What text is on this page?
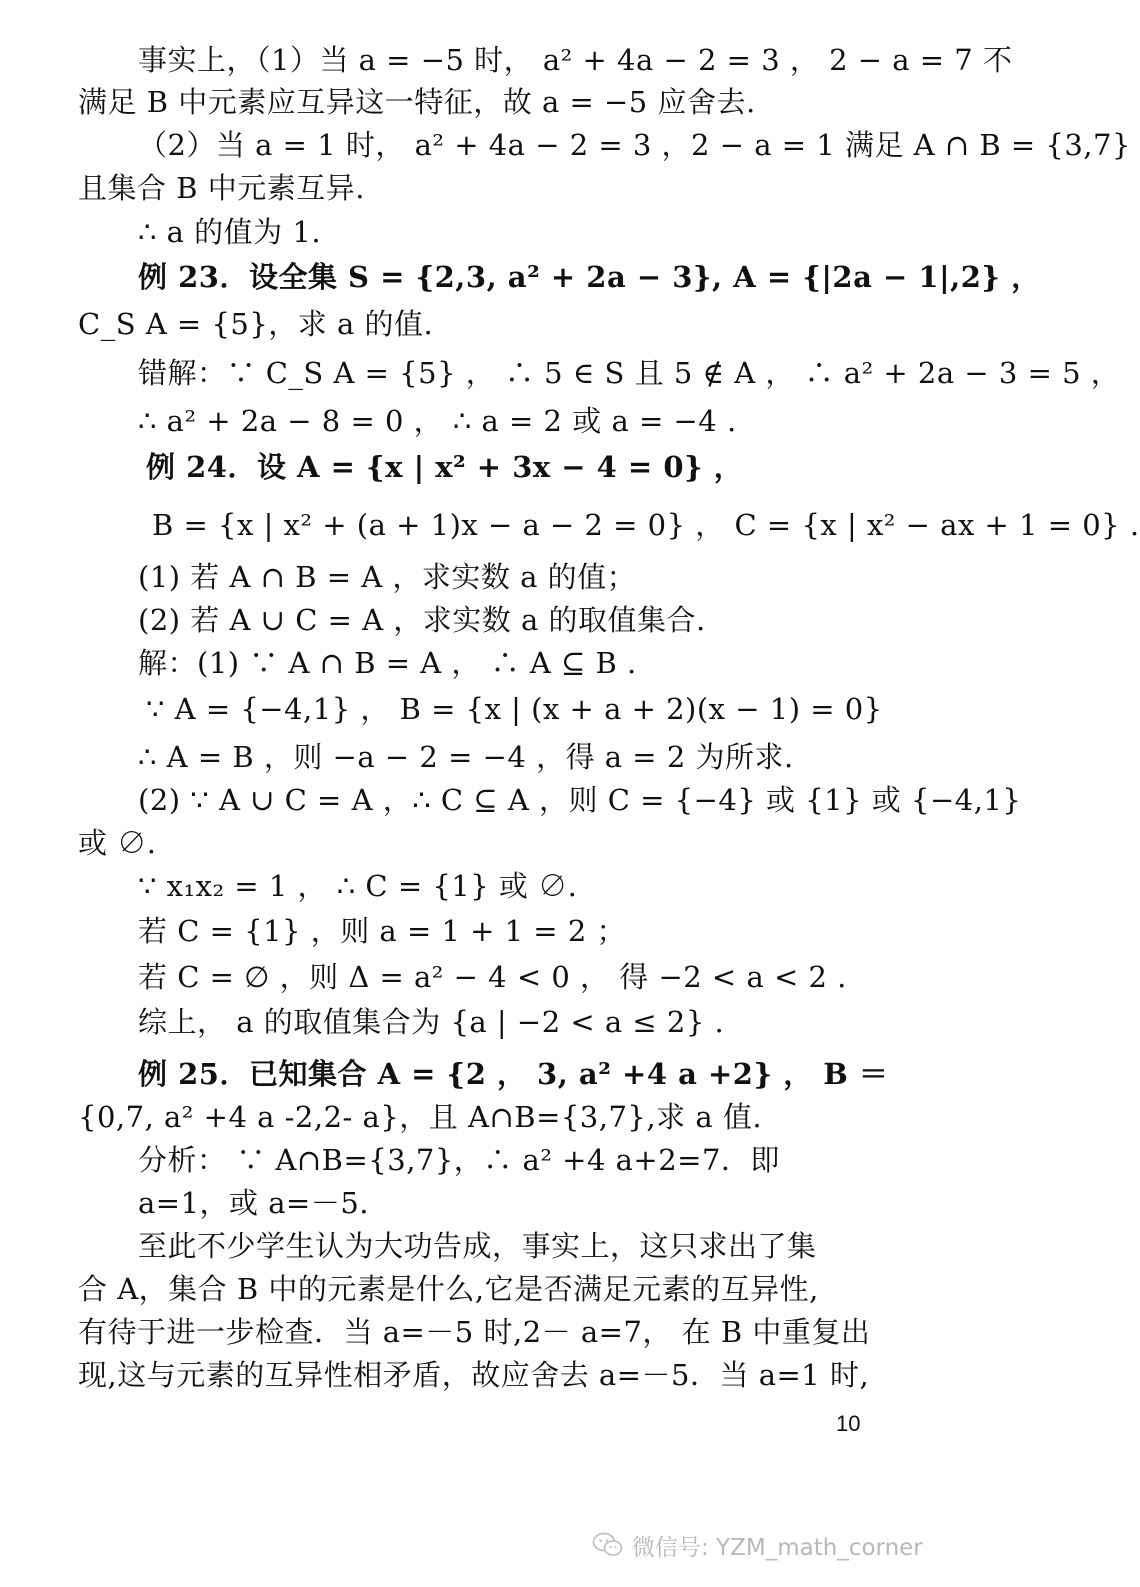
事实上，（1）当 a = −5 时， a² + 4a − 2 = 3 ， 2 − a = 7 不
满足 B 中元素应互异这一特征，故 a = −5 应舍去.
（2）当 a = 1 时， a² + 4a − 2 = 3 ，2 − a = 1 满足 A ∩ B = {3,7}
且集合 B 中元素互异.
∴ a 的值为 1.
例 23．设全集 S = {2,3, a² + 2a − 3}, A = {|2a − 1|,2} ，
C_S A = {5}，求 a 的值.
错解：∵ C_S A = {5} ， ∴ 5 ∈ S 且 5 ∉ A ， ∴ a² + 2a − 3 = 5 ，
∴ a² + 2a − 8 = 0 ， ∴ a = 2 或 a = −4 .
例 24．设 A = {x | x² + 3x − 4 = 0} ，
B = {x | x² + (a + 1)x − a − 2 = 0} ， C = {x | x² − ax + 1 = 0} .
(1) 若 A ∩ B = A ，求实数 a 的值；
(2) 若 A ∪ C = A ，求实数 a 的取值集合.
解：(1) ∵ A ∩ B = A ， ∴ A ⊆ B .
∵ A = {−4,1} ， B = {x | (x + a + 2)(x − 1) = 0}
∴ A = B ，则 −a − 2 = −4 ，得 a = 2 为所求.
(2) ∵ A ∪ C = A ，∴ C ⊆ A ，则 C = {−4} 或 {1} 或 {−4,1}
或 ∅.
∵ x₁x₂ = 1 ， ∴ C = {1} 或 ∅.
若 C = {1} ，则 a = 1 + 1 = 2 ；
若 C = ∅ ，则 Δ = a² − 4 < 0 ， 得 −2 < a < 2 .
综上， a 的取值集合为 {a | −2 < a ≤ 2} .
例 25．已知集合 A = {2 ， 3, a² +4 a +2} ， B ＝
{0,7, a² +4 a -2,2- a}，且 A∩B={3,7},求 a 值.
分析： ∵ A∩B={3,7}，∴ a² +4 a+2=7．即
a=1，或 a=－5.
至此不少学生认为大功告成，事实上，这只求出了集
合 A，集合 B 中的元素是什么,它是否满足元素的互异性,
有待于进一步检查．当 a=－5 时,2－ a=7， 在 B 中重复出
现,这与元素的互异性相矛盾，故应舍去 a=－5．当 a=1 时,
10
微信号: YZM_math_corner
